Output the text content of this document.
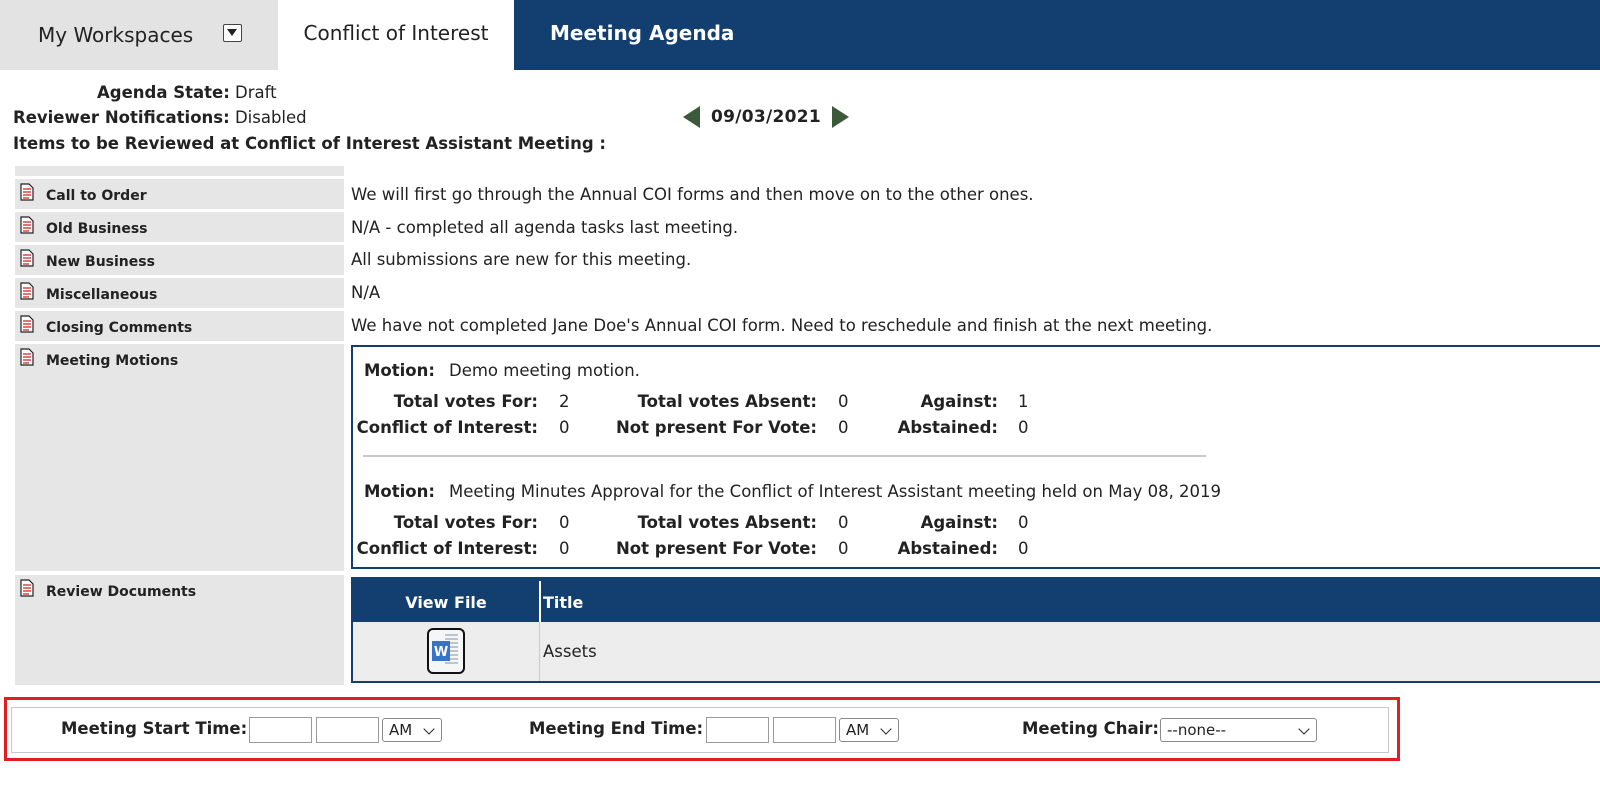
My Workspaces	Conflict of Interest	Meeting Agenda
Agenda State: Draft
Reviewer Notifications: Disabled
Items to be Reviewed at Conflict of Interest Assistant Meeting :
09/03/2021
Call to Order	We will first go through the Annual COI forms and then move on to the other ones.
Old Business	N/A - completed all agenda tasks last meeting.
New Business	All submissions are new for this meeting.
Miscellaneous	N/A
Closing Comments	We have not completed Jane Doe's Annual COI form. Need to reschedule and finish at the next meeting.
Meeting Motions	Motion: Demo meeting motion.
Total votes For: 2	Total votes Absent: 0	Against: 1
Conflict of Interest: 0	Not present For Vote: 0	Abstained: 0
Motion: Meeting Minutes Approval for the Conflict of Interest Assistant meeting held on May 08, 2019
Total votes For: 0	Total votes Absent: 0	Against: 0
Conflict of Interest: 0	Not present For Vote: 0	Abstained: 0
Review Documents
View File	Title
W	Assets
Meeting Start Time:	AM	Meeting End Time:	AM	Meeting Chair: --none--
